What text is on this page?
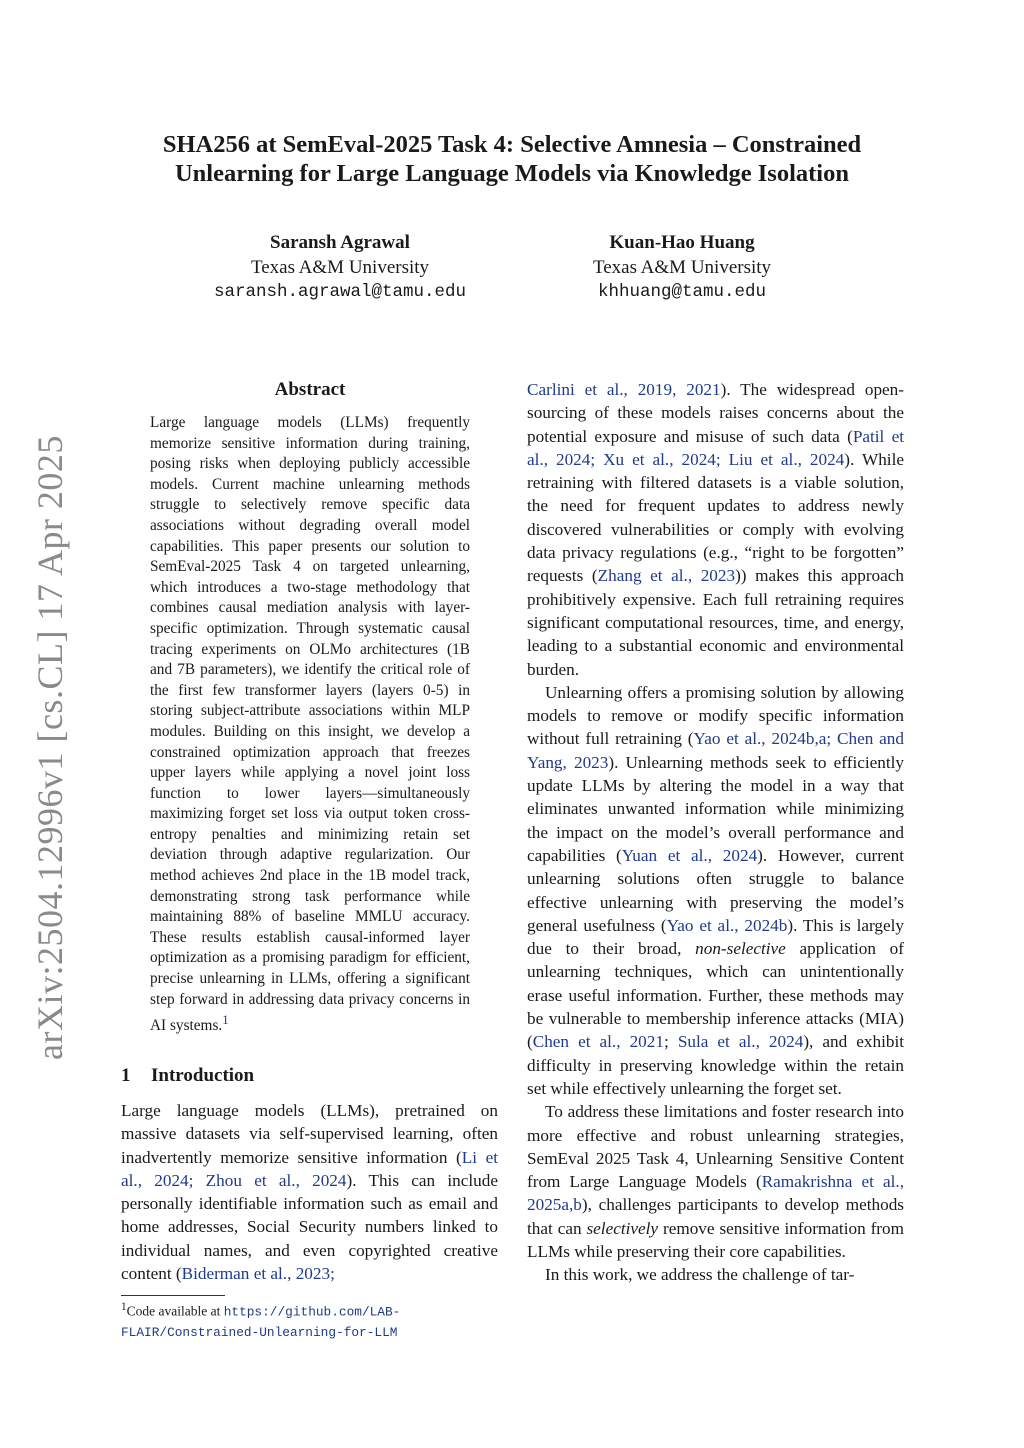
arXiv:2504.12996v1 [cs.CL] 17 Apr 2025
SHA256 at SemEval-2025 Task 4: Selective Amnesia – Constrained Unlearning for Large Language Models via Knowledge Isolation
Saransh Agrawal
Texas A&M University
saransh.agrawal@tamu.edu
Kuan-Hao Huang
Texas A&M University
khhuang@tamu.edu
Abstract

Large language models (LLMs) frequently memorize sensitive information during training, posing risks when deploying publicly accessible models. Current machine unlearning methods struggle to selectively remove specific data associations without degrading overall model capabilities. This paper presents our solution to SemEval-2025 Task 4 on targeted unlearning, which introduces a two-stage methodology that combines causal mediation analysis with layer-specific optimization. Through systematic causal tracing experiments on OLMo architectures (1B and 7B parameters), we identify the critical role of the first few transformer layers (layers 0-5) in storing subject-attribute associations within MLP modules. Building on this insight, we develop a constrained optimization approach that freezes upper layers while applying a novel joint loss function to lower layers—simultaneously maximizing forget set loss via output token cross-entropy penalties and minimizing retain set deviation through adaptive regularization. Our method achieves 2nd place in the 1B model track, demonstrating strong task performance while maintaining 88% of baseline MMLU accuracy. These results establish causal-informed layer optimization as a promising paradigm for efficient, precise unlearning in LLMs, offering a significant step forward in addressing data privacy concerns in AI systems.$^1$

1 Introduction

Large language models (LLMs), pretrained on massive datasets via self-supervised learning, often inadvertently memorize sensitive information (Li et al., 2024; Zhou et al., 2024). This can include personally identifiable information such as email and home addresses, Social Security numbers linked to individual names, and even copyrighted creative content (Biderman et al., 2023;

$^1$Code available at https://github.com/LAB-FLAIR/Constrained-Unlearning-for-LLM

Carlini et al., 2019, 2021). The widespread open-sourcing of these models raises concerns about the potential exposure and misuse of such data (Patil et al., 2024; Xu et al., 2024; Liu et al., 2024). While retraining with filtered datasets is a viable solution, the need for frequent updates to address newly discovered vulnerabilities or comply with evolving data privacy regulations (e.g., “right to be forgotten” requests (Zhang et al., 2023)) makes this approach prohibitively expensive. Each full retraining requires significant computational resources, time, and energy, leading to a substantial economic and environmental burden.

Unlearning offers a promising solution by allowing models to remove or modify specific information without full retraining (Yao et al., 2024b,a; Chen and Yang, 2023). Unlearning methods seek to efficiently update LLMs by altering the model in a way that eliminates unwanted information while minimizing the impact on the model’s overall performance and capabilities (Yuan et al., 2024). However, current unlearning solutions often struggle to balance effective unlearning with preserving the model’s general usefulness (Yao et al., 2024b). This is largely due to their broad, non-selective application of unlearning techniques, which can unintentionally erase useful information. Further, these methods may be vulnerable to membership inference attacks (MIA) (Chen et al., 2021; Sula et al., 2024), and exhibit difficulty in preserving knowledge within the retain set while effectively unlearning the forget set.

To address these limitations and foster research into more effective and robust unlearning strategies, SemEval 2025 Task 4, Unlearning Sensitive Content from Large Language Models (Ramakrishna et al., 2025a,b), challenges participants to develop methods that can selectively remove sensitive information from LLMs while preserving their core capabilities.

In this work, we address the challenge of tar-
